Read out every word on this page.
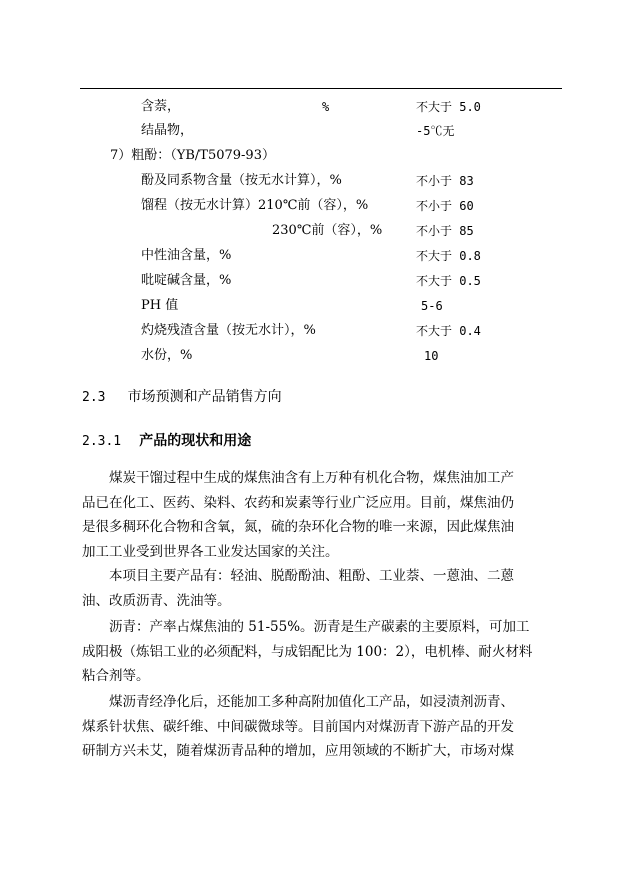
含萘，	%	不大于 5.0
结晶物，	-5℃无
7）粗酚：（YB/T5079-93）
酚及同系物含量（按无水计算），%	不小于 83
馏程（按无水计算）210℃前（容），%	不小于 60
230℃前（容），%	不小于 85
中性油含量，%	不大于 0.8
吡啶碱含量，%	不大于 0.5
PH 值	5-6
灼烧残渣含量（按无水计），%	不大于 0.4
水份，%	10
2.3 市场预测和产品销售方向
2.3.1 产品的现状和用途
煤炭干馏过程中生成的煤焦油含有上万种有机化合物，煤焦油加工产
品已在化工、医药、染料、农药和炭素等行业广泛应用。目前，煤焦油仍
是很多稠环化合物和含氧，氮，硫的杂环化合物的唯一来源，因此煤焦油
加工工业受到世界各工业发达国家的关注。
本项目主要产品有：轻油、脱酚酚油、粗酚、工业萘、一蒽油、二蒽
油、改质沥青、洗油等。
沥青：产率占煤焦油的 51-55%。沥青是生产碳素的主要原料，可加工
成阳极（炼铝工业的必须配料，与成铝配比为 100：2），电机棒、耐火材料
粘合剂等。
煤沥青经净化后，还能加工多种高附加值化工产品，如浸渍剂沥青、
煤系针状焦、碳纤维、中间碳微球等。目前国内对煤沥青下游产品的开发
研制方兴未艾，随着煤沥青品种的增加，应用领域的不断扩大，市场对煤
